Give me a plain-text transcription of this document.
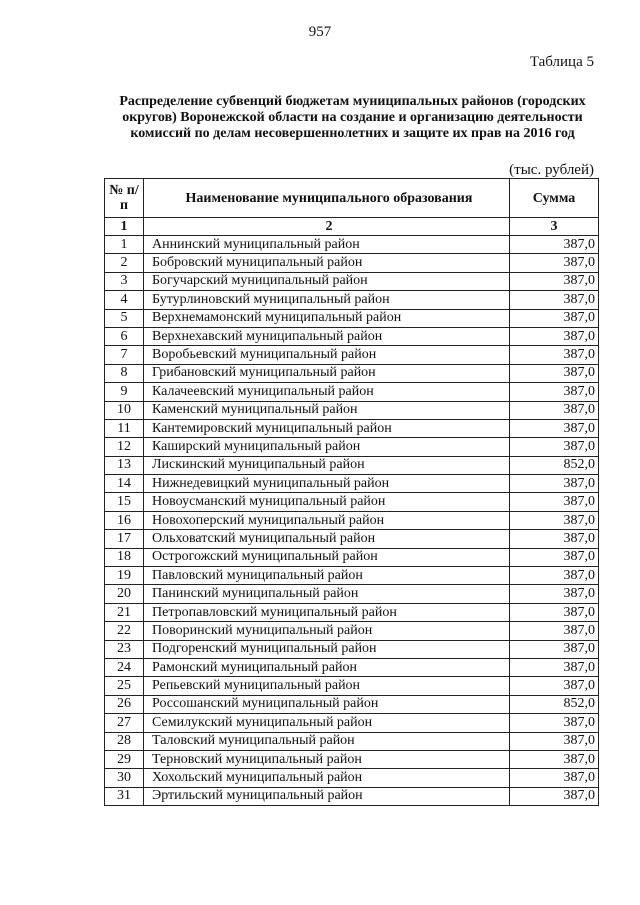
957
Таблица 5
Распределение субвенций бюджетам муниципальных районов (городских округов) Воронежской области на создание и организацию деятельности комиссий по делам несовершеннолетних и защите их прав на 2016 год
(тыс. рублей)
№ п/п	Наименование муниципального образования	Сумма
1	2	3
1	Аннинский муниципальный район	387,0
2	Бобровский муниципальный район	387,0
3	Богучарский муниципальный район	387,0
4	Бутурлиновский муниципальный район	387,0
5	Верхнемамонский муниципальный район	387,0
6	Верхнехавский муниципальный район	387,0
7	Воробьевский муниципальный район	387,0
8	Грибановский муниципальный район	387,0
9	Калачеевский муниципальный район	387,0
10	Каменский муниципальный район	387,0
11	Кантемировский муниципальный район	387,0
12	Каширский муниципальный район	387,0
13	Лискинский муниципальный район	852,0
14	Нижнедевицкий муниципальный район	387,0
15	Новоусманский муниципальный район	387,0
16	Новохоперский муниципальный район	387,0
17	Ольховатский муниципальный район	387,0
18	Острогожский муниципальный район	387,0
19	Павловский муниципальный район	387,0
20	Панинский муниципальный район	387,0
21	Петропавловский муниципальный район	387,0
22	Поворинский муниципальный район	387,0
23	Подгоренский муниципальный район	387,0
24	Рамонский муниципальный район	387,0
25	Репьевский муниципальный район	387,0
26	Россошанский муниципальный район	852,0
27	Семилукский муниципальный район	387,0
28	Таловский муниципальный район	387,0
29	Терновский муниципальный район	387,0
30	Хохольский муниципальный район	387,0
31	Эртильский муниципальный район	387,0
